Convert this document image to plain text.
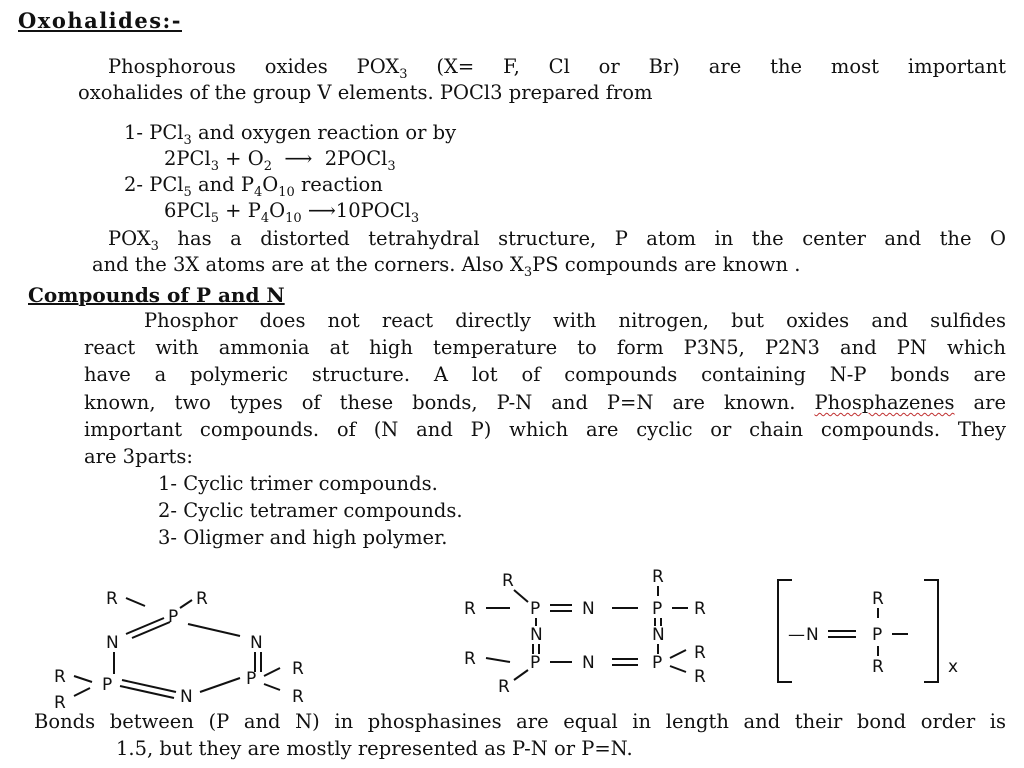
Oxohalides:-
Phosphorous oxides $POX_3$ (X= F, Cl or Br) are the most important
oxohalides of the group V elements. POCl3 prepared from
1- PCl$_3$ and oxygen reaction or by
$2PCl_3 + O_2$  ⟶  2POCl$_3$
2- PCl$_5$ and $P_4O_{10}$ reaction
$6PCl_5 + P_4O_{10}$ ⟶10POCl$_3$
$POX_3$ has a distorted tetrahydral structure, P atom in the center and the O
and the 3X atoms are at the corners. Also $X_3PS$ compounds are known .
Compounds of P and N
Phosphor does not react directly with nitrogen, but oxides and sulfides
react with ammonia at high temperature to form P3N5, P2N3 and PN which
have a polymeric structure. A lot of compounds containing N-P bonds are
known, two types of these bonds, P-N and P=N are known. Phosphazenes are
important compounds. of (N and P) which are cyclic or chain compounds. They
are 3parts:
1- Cyclic trimer compounds.
2- Cyclic tetramer compounds.
3- Oligmer and high polymer.
R
P
R
N	N
R P
R	N
P R
R
R
R	P N	P R
R
N	N
R	P N	P R
R
R
R
— N	P
R	x
Bonds between (P and N) in phosphasines are equal in length and their bond order is
1.5, but they are mostly represented as P-N or P=N.
